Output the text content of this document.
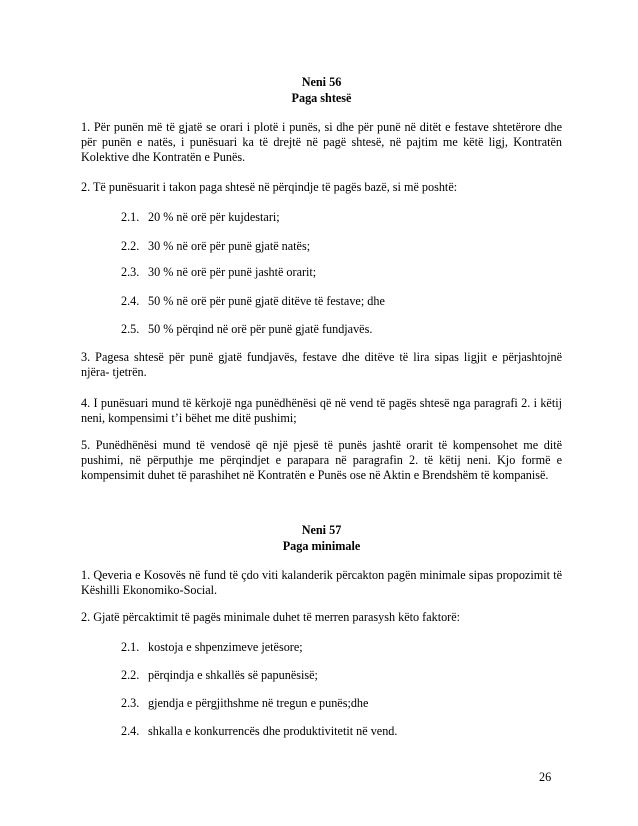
Neni 56
Paga shtesë
1. Për punën më të gjatë se orari i plotë i punës, si dhe për punë në ditët e festave shtetërore dhe për punën e natës, i punësuari ka të drejtë në pagë shtesë, në pajtim me këtë ligj, Kontratën Kolektive dhe Kontratën e Punës.
2. Të punësuarit i takon paga shtesë në përqindje të pagës bazë, si më poshtë:
2.1. 20 % në orë për kujdestari;
2.2. 30 % në orë për punë gjatë natës;
2.3. 30 % në orë për punë jashtë orarit;
2.4. 50 % në orë për punë gjatë ditëve të festave; dhe
2.5. 50 % përqind në orë për punë gjatë fundjavës.
3. Pagesa shtesë për punë gjatë fundjavës, festave dhe ditëve të lira sipas ligjit e përjashtojnë njëra- tjetrën.
4. I punësuari mund të kërkojë nga punëdhënësi që në vend të pagës shtesë nga paragrafi 2. i këtij neni, kompensimi t’i bëhet me ditë pushimi;
5. Punëdhënësi mund të vendosë që një pjesë të punës jashtë orarit të kompensohet me ditë pushimi, në përputhje me përqindjet e parapara në paragrafin 2. të këtij neni. Kjo formë e kompensimit duhet të parashihet në Kontratën e Punës ose në Aktin e Brendshëm të kompanisë.
Neni 57
Paga minimale
1. Qeveria e Kosovës në fund të çdo viti kalanderik përcakton pagën minimale sipas propozimit të Këshilli Ekonomiko-Social.
2. Gjatë përcaktimit të pagës minimale duhet të merren parasysh këto faktorë:
2.1. kostoja e shpenzimeve jetësore;
2.2. përqindja e shkallës së papunësisë;
2.3. gjendja e përgjithshme në tregun e punës;dhe
2.4. shkalla e konkurrencës dhe produktivitetit në vend.
26
